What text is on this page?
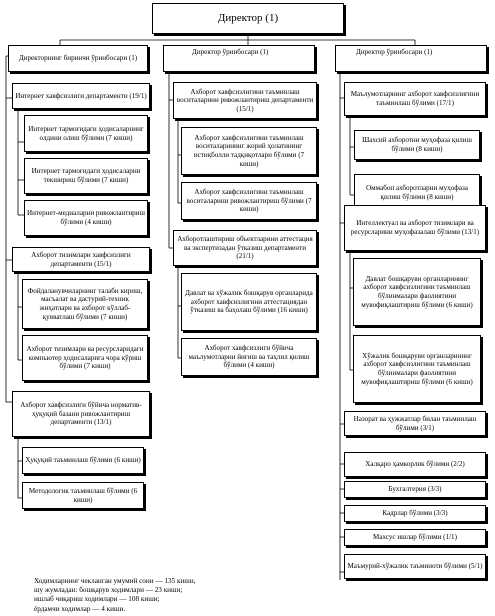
Директор (1)
Директорнинг биринчи ўринбосари (1)
Директор ўринбосари (1)	Директор ўринбосари (1)
Интернет хавфсизлиги департаменти (19/1)
Интернет тармоғидаги ҳодисаларнинг олдини олиш бўлими (7 киши)
Интернет тармоғидаги ҳодисаларни текшириш бўлими (7 киши)
Интернет-медиаларни ривожлантириш бўлими (4 киши)
Ахборот тизимлари хавфсизлиги департаменти (15/1)
Фойдаланувчиларнинг талаби кириш, масъалат ва дастурий-техник жиҳатлари ва ахборот кўллаб-қувватлаш бўлими (7 киши)
Ахборот тизимлари ва ресурсларидаги компьютер ҳодисаларига чора кўриш бўлими (7 киши)
Ахборот хавфсизлиги бўйича норматив-ҳуқуқий базани ривожлантириш департаменти (13/1)
Ҳуқуқий таъминлаш бўлими (6 киши)
Методологик таъминлаш бўлими (6 киши)
Ахборот хавфсизлигини таъминлаш воситаларини ривожлантириш департаменти (15/1)
Ахборот хавфсизлигини таъминлаш воситаларининг жорий ҳолатининг истиқболли тадқиқотлари бўлими (7 киши)
Ахборот хавфсизлигини таъминлаш воситаларини ривожлантириш бўлими (7 киши)
Ахборотлаштириш объектларини аттестация ва экспертизадан ўтказиш департаменти (21/1)
Давлат ва хўжалик бошқарув органларида ахборот хавфсизлигини аттестациядан ўтказиш ва баҳолаш бўлими (16 киши)
Ахборот хавфсизлиги бўйича маълумотларни йиғиш ва таҳлил қилиш бўлими (4 киши)
Маълумотларнинг ахборот хавфсизлигини таъминлаш бўлими (17/1)
Шахсий ахборотни муҳофаза қилиш бўлими (8 киши)
Оммабоп ахборотларни муҳофаза қилиш бўлими (8 киши)
Интеллектуал ва ахборот тизимлари ва ресурсларини муҳофазалаш бўлими (13/1)
Давлат бошқаруви органларининг ахборот хавфсизлигини таъминлаш бўлинмалари фаолиятини мувофиқлаштириш бўлими (6 киши)
Хўжалик бошқаруви органларининг ахборот хавфсизлигини таъминлаш бўлинмалари фаолиятини мувофиқлаштириш бўлими (6 киши)
Назорат ва ҳужжатлар билан таъминлаш бўлими (3/1)
Халқаро ҳамкорлик бўлими (2/2)
Бухгалтерия (3/3)
Кадрлар бўлими (3/3)
Махсус ишлар бўлими (1/1)
Маъмурий-хўжалик таъминоти бўлими (5/1)
Ходимларнинг чекланган умумий сони — 135 киши,
шу жумладан: бошқарув ходимлари — 23 киши;
ишлаб чиқариш ходимлари — 108 киши;
ёрдамчи ходимлар — 4 киши.
